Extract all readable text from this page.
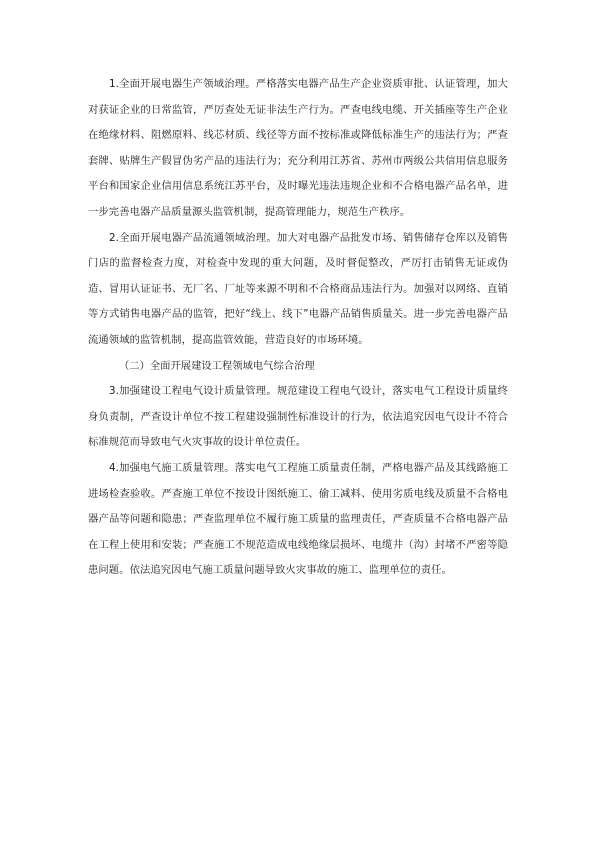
1.全面开展电器生产领域治理。严格落实电器产品生产企业资质审批、认证管理，加大对获证企业的日常监管，严厉查处无证非法生产行为。严查电线电缆、开关插座等生产企业在绝缘材料、阻燃原料、线芯材质、线径等方面不按标准或降低标准生产的违法行为；严查套牌、贴牌生产假冒伪劣产品的违法行为；充分利用江苏省、苏州市两级公共信用信息服务平台和国家企业信用信息系统江苏平台，及时曝光违法违规企业和不合格电器产品名单，进一步完善电器产品质量源头监管机制，提高管理能力，规范生产秩序。

2.全面开展电器产品流通领域治理。加大对电器产品批发市场、销售储存仓库以及销售门店的监督检查力度，对检查中发现的重大问题，及时督促整改，严厉打击销售无证或伪造、冒用认证证书、无厂名、厂址等来源不明和不合格商品违法行为。加强对以网络、直销等方式销售电器产品的监管，把好“线上、线下”电器产品销售质量关。进一步完善电器产品流通领域的监管机制，提高监管效能，营造良好的市场环境。

（二）全面开展建设工程领域电气综合治理

3.加强建设工程电气设计质量管理。规范建设工程电气设计，落实电气工程设计质量终身负责制，严查设计单位不按工程建设强制性标准设计的行为，依法追究因电气设计不符合标准规范而导致电气火灾事故的设计单位责任。

4.加强电气施工质量管理。落实电气工程施工质量责任制，严格电器产品及其线路施工进场检查验收。严查施工单位不按设计图纸施工、偷工减料、使用劣质电线及质量不合格电器产品等问题和隐患；严查监理单位不履行施工质量的监理责任，严查质量不合格电器产品在工程上使用和安装；严查施工不规范造成电线绝缘层损坏、电缆井（沟）封堵不严密等隐患问题。依法追究因电气施工质量问题导致火灾事故的施工、监理单位的责任。
